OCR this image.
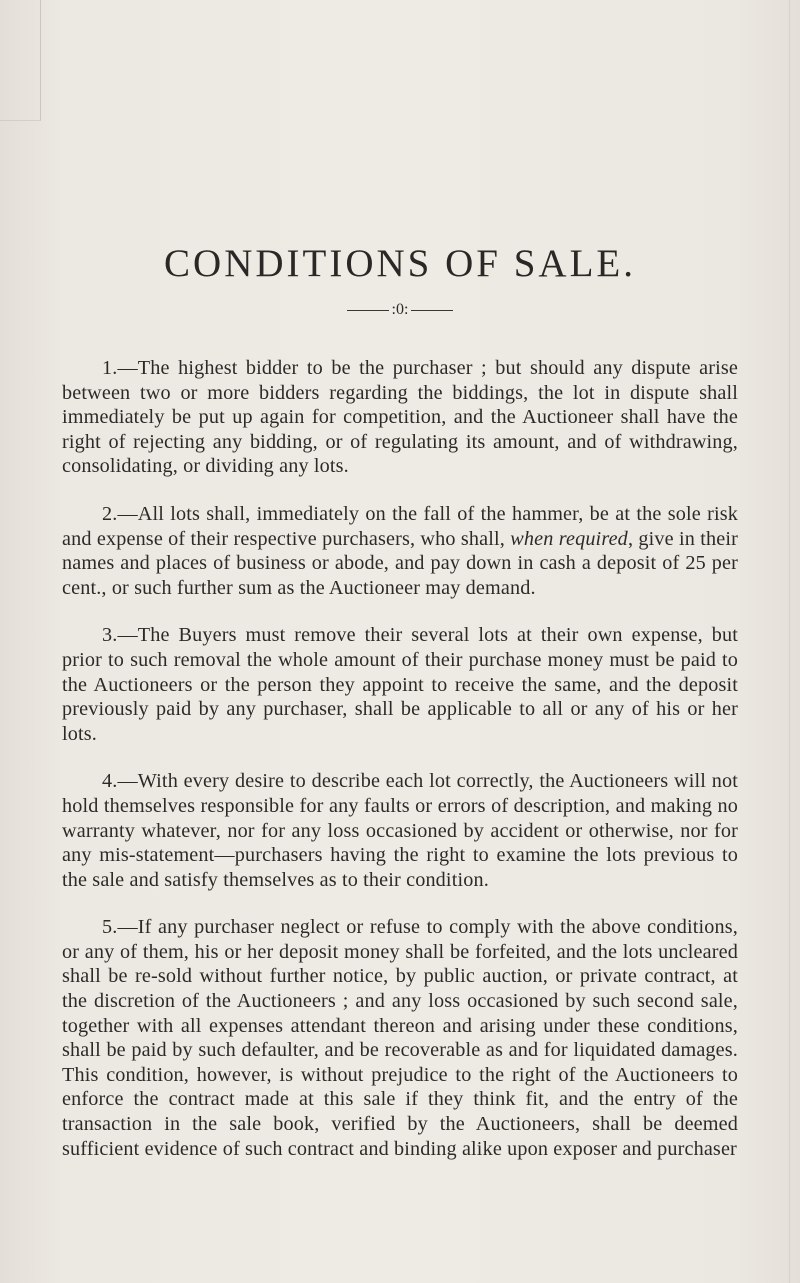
CONDITIONS OF SALE.
:0:

1.—The highest bidder to be the purchaser ; but should any dispute arise between two or more bidders regarding the biddings, the lot in dispute shall immediately be put up again for competition, and the Auctioneer shall have the right of rejecting any bidding, or of regulating its amount, and of withdrawing, consolidating, or dividing any lots.

2.—All lots shall, immediately on the fall of the hammer, be at the sole risk and expense of their respective purchasers, who shall, when required, give in their names and places of business or abode, and pay down in cash a deposit of 25 per cent., or such further sum as the Auctioneer may demand.

3.—The Buyers must remove their several lots at their own expense, but prior to such removal the whole amount of their purchase money must be paid to the Auctioneers or the person they appoint to receive the same, and the deposit previously paid by any purchaser, shall be applicable to all or any of his or her lots.

4.—With every desire to describe each lot correctly, the Auctioneers will not hold themselves responsible for any faults or errors of description, and making no warranty whatever, nor for any loss occasioned by accident or otherwise, nor for any mis-statement—purchasers having the right to examine the lots previous to the sale and satisfy themselves as to their condition.

5.—If any purchaser neglect or refuse to comply with the above conditions, or any of them, his or her deposit money shall be forfeited, and the lots uncleared shall be re-sold without further notice, by public auction, or private contract, at the discretion of the Auctioneers ; and any loss occasioned by such second sale, together with all expenses attendant thereon and arising under these conditions, shall be paid by such defaulter, and be recoverable as and for liquidated damages. This condition, however, is without prejudice to the right of the Auctioneers to enforce the contract made at this sale if they think fit, and the entry of the transaction in the sale book, verified by the Auctioneers, shall be deemed sufficient evidence of such contract and binding alike upon exposer and purchaser
